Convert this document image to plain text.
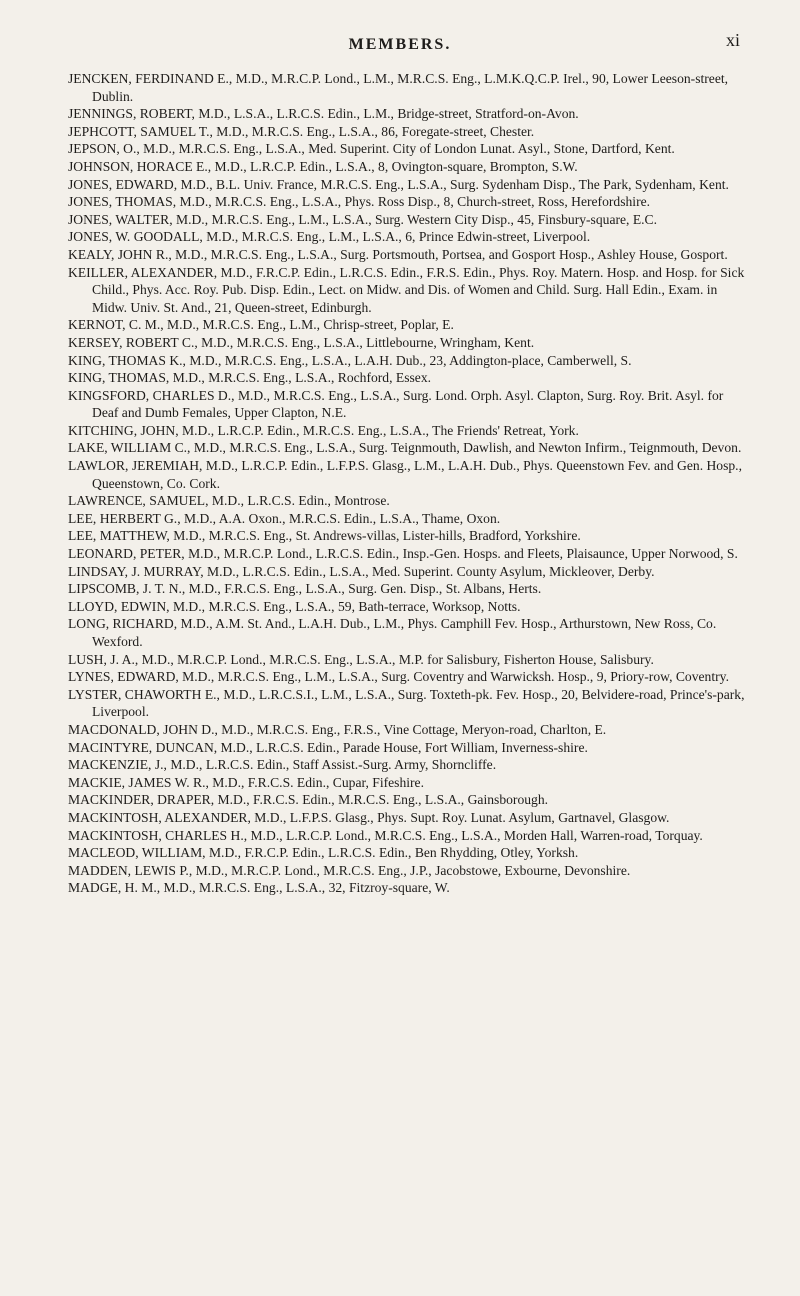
MEMBERS.	xi

JENCKEN, FERDINAND E., M.D., M.R.C.P. Lond., L.M., M.R.C.S. Eng., L.M.K.Q.C.P. Irel., 90, Lower Leeson-street, Dublin.

JENNINGS, ROBERT, M.D., L.S.A., L.R.C.S. Edin., L.M., Bridge-street, Stratford-on-Avon.

JEPHCOTT, SAMUEL T., M.D., M.R.C.S. Eng., L.S.A., 86, Foregate-street, Chester.

JEPSON, O., M.D., M.R.C.S. Eng., L.S.A., Med. Superint. City of London Lunat. Asyl., Stone, Dartford, Kent.

JOHNSON, HORACE E., M.D., L.R.C.P. Edin., L.S.A., 8, Ovington-square, Brompton, S.W.

JONES, EDWARD, M.D., B.L. Univ. France, M.R.C.S. Eng., L.S.A., Surg. Sydenham Disp., The Park, Sydenham, Kent.

JONES, THOMAS, M.D., M.R.C.S. Eng., L.S.A., Phys. Ross Disp., 8, Church-street, Ross, Herefordshire.

JONES, WALTER, M.D., M.R.C.S. Eng., L.M., L.S.A., Surg. Western City Disp., 45, Finsbury-square, E.C.

JONES, W. GOODALL, M.D., M.R.C.S. Eng., L.M., L.S.A., 6, Prince Edwin-street, Liverpool.

KEALY, JOHN R., M.D., M.R.C.S. Eng., L.S.A., Surg. Portsmouth, Portsea, and Gosport Hosp., Ashley House, Gosport.

KEILLER, ALEXANDER, M.D., F.R.C.P. Edin., L.R.C.S. Edin., F.R.S. Edin., Phys. Roy. Matern. Hosp. and Hosp. for Sick Child., Phys. Acc. Roy. Pub. Disp. Edin., Lect. on Midw. and Dis. of Women and Child. Surg. Hall Edin., Exam. in Midw. Univ. St. And., 21, Queen-street, Edinburgh.

KERNOT, C. M., M.D., M.R.C.S. Eng., L.M., Chrisp-street, Poplar, E.

KERSEY, ROBERT C., M.D., M.R.C.S. Eng., L.S.A., Littlebourne, Wringham, Kent.

KING, THOMAS K., M.D., M.R.C.S. Eng., L.S.A., L.A.H. Dub., 23, Addington-place, Camberwell, S.

KING, THOMAS, M.D., M.R.C.S. Eng., L.S.A., Rochford, Essex.

KINGSFORD, CHARLES D., M.D., M.R.C.S. Eng., L.S.A., Surg. Lond. Orph. Asyl. Clapton, Surg. Roy. Brit. Asyl. for Deaf and Dumb Females, Upper Clapton, N.E.

KITCHING, JOHN, M.D., L.R.C.P. Edin., M.R.C.S. Eng., L.S.A., The Friends' Retreat, York.

LAKE, WILLIAM C., M.D., M.R.C.S. Eng., L.S.A., Surg. Teignmouth, Dawlish, and Newton Infirm., Teignmouth, Devon.

LAWLOR, JEREMIAH, M.D., L.R.C.P. Edin., L.F.P.S. Glasg., L.M., L.A.H. Dub., Phys. Queenstown Fev. and Gen. Hosp., Queenstown, Co. Cork.

LAWRENCE, SAMUEL, M.D., L.R.C.S. Edin., Montrose.

LEE, HERBERT G., M.D., A.A. Oxon., M.R.C.S. Edin., L.S.A., Thame, Oxon.

LEE, MATTHEW, M.D., M.R.C.S. Eng., St. Andrews-villas, Lister-hills, Bradford, Yorkshire.

LEONARD, PETER, M.D., M.R.C.P. Lond., L.R.C.S. Edin., Insp.-Gen. Hosps. and Fleets, Plaisaunce, Upper Norwood, S.

LINDSAY, J. MURRAY, M.D., L.R.C.S. Edin., L.S.A., Med. Superint. County Asylum, Mickleover, Derby.

LIPSCOMB, J. T. N., M.D., F.R.C.S. Eng., L.S.A., Surg. Gen. Disp., St. Albans, Herts.

LLOYD, EDWIN, M.D., M.R.C.S. Eng., L.S.A., 59, Bath-terrace, Worksop, Notts.

LONG, RICHARD, M.D., A.M. St. And., L.A.H. Dub., L.M., Phys. Camphill Fev. Hosp., Arthurstown, New Ross, Co. Wexford.

LUSH, J. A., M.D., M.R.C.P. Lond., M.R.C.S. Eng., L.S.A., M.P. for Salisbury, Fisherton House, Salisbury.

LYNES, EDWARD, M.D., M.R.C.S. Eng., L.M., L.S.A., Surg. Coventry and Warwicksh. Hosp., 9, Priory-row, Coventry.

LYSTER, CHAWORTH E., M.D., L.R.C.S.I., L.M., L.S.A., Surg. Toxteth-pk. Fev. Hosp., 20, Belvidere-road, Prince's-park, Liverpool.

MACDONALD, JOHN D., M.D., M.R.C.S. Eng., F.R.S., Vine Cottage, Meryon-road, Charlton, E.

MACINTYRE, DUNCAN, M.D., L.R.C.S. Edin., Parade House, Fort William, Inverness-shire.

MACKENZIE, J., M.D., L.R.C.S. Edin., Staff Assist.-Surg. Army, Shorncliffe.

MACKIE, JAMES W. R., M.D., F.R.C.S. Edin., Cupar, Fifeshire.

MACKINDER, DRAPER, M.D., F.R.C.S. Edin., M.R.C.S. Eng., L.S.A., Gainsborough.

MACKINTOSH, ALEXANDER, M.D., L.F.P.S. Glasg., Phys. Supt. Roy. Lunat. Asylum, Gartnavel, Glasgow.

MACKINTOSH, CHARLES H., M.D., L.R.C.P. Lond., M.R.C.S. Eng., L.S.A., Morden Hall, Warren-road, Torquay.

MACLEOD, WILLIAM, M.D., F.R.C.P. Edin., L.R.C.S. Edin., Ben Rhydding, Otley, Yorksh.

MADDEN, LEWIS P., M.D., M.R.C.P. Lond., M.R.C.S. Eng., J.P., Jacobstowe, Exbourne, Devonshire.

MADGE, H. M., M.D., M.R.C.S. Eng., L.S.A., 32, Fitzroy-square, W.
